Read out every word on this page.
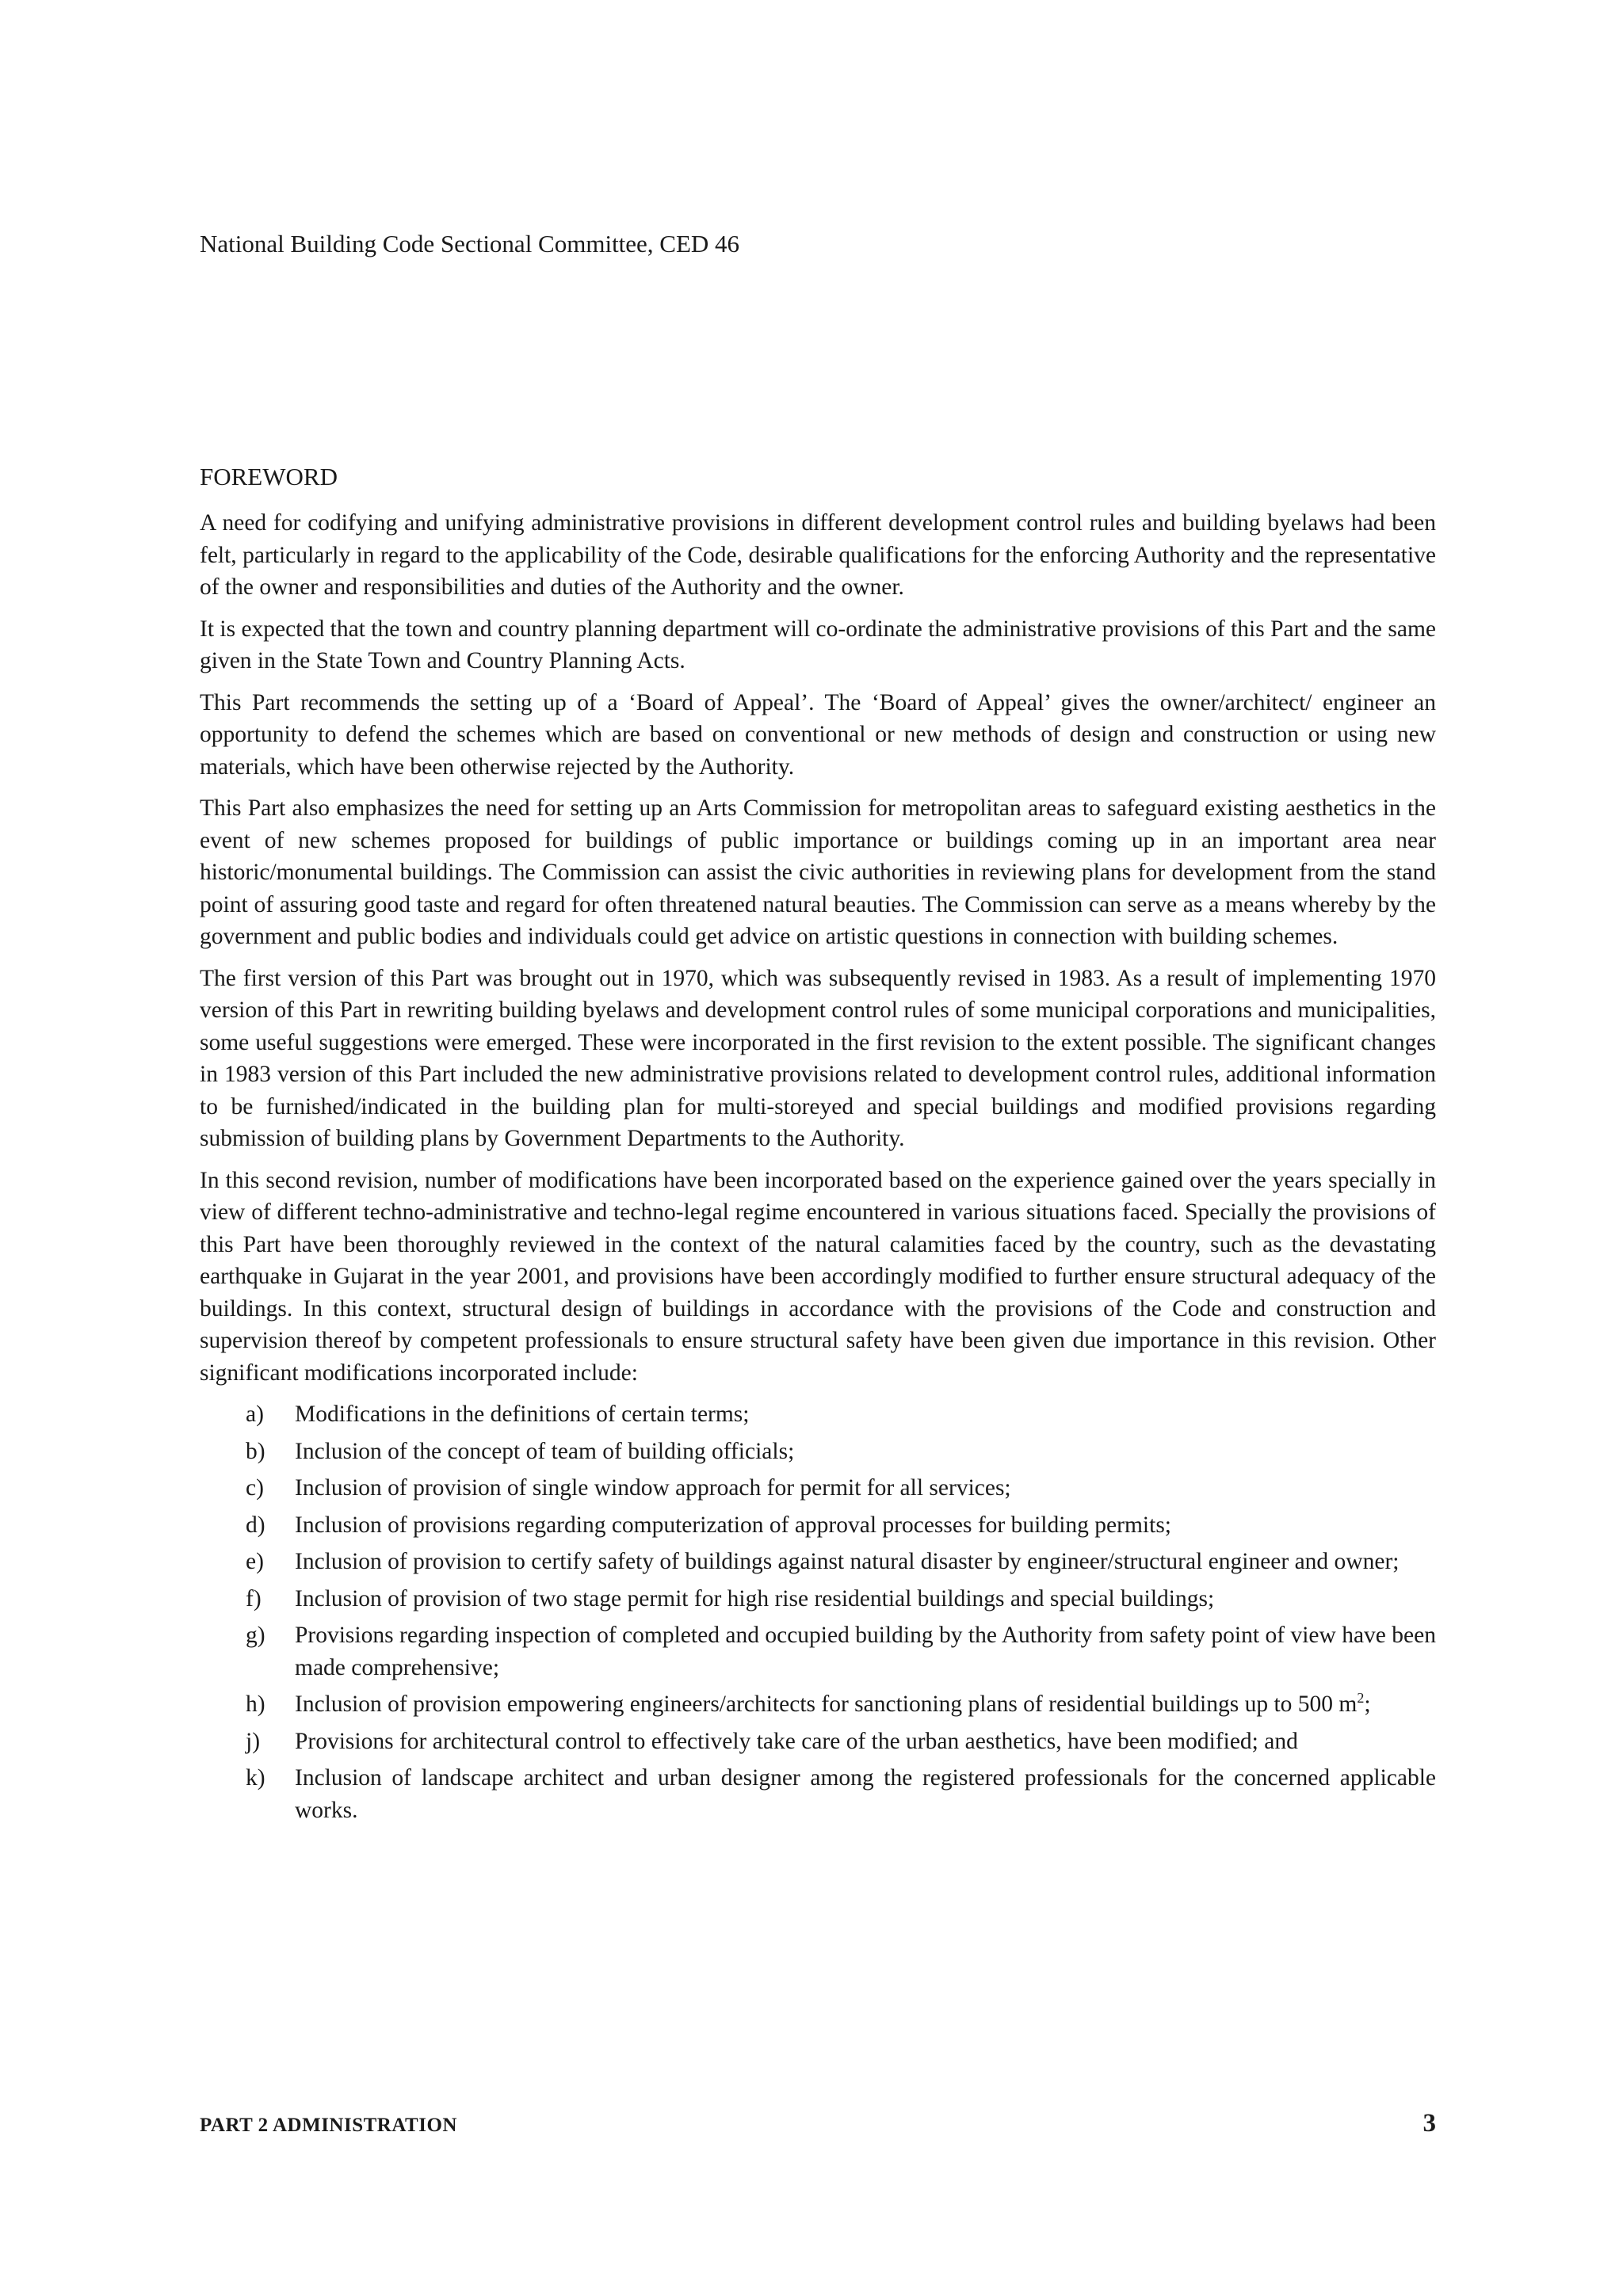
National Building Code Sectional Committee, CED 46

FOREWORD

A need for codifying and unifying administrative provisions in different development control rules and building byelaws had been felt, particularly in regard to the applicability of the Code, desirable qualifications for the enforcing Authority and the representative of the owner and responsibilities and duties of the Authority and the owner.

It is expected that the town and country planning department will co-ordinate the administrative provisions of this Part and the same given in the State Town and Country Planning Acts.

This Part recommends the setting up of a ‘Board of Appeal’. The ‘Board of Appeal’ gives the owner/architect/ engineer an opportunity to defend the schemes which are based on conventional or new methods of design and construction or using new materials, which have been otherwise rejected by the Authority.

This Part also emphasizes the need for setting up an Arts Commission for metropolitan areas to safeguard existing aesthetics in the event of new schemes proposed for buildings of public importance or buildings coming up in an important area near historic/monumental buildings. The Commission can assist the civic authorities in reviewing plans for development from the stand point of assuring good taste and regard for often threatened natural beauties. The Commission can serve as a means whereby by the government and public bodies and individuals could get advice on artistic questions in connection with building schemes.

The first version of this Part was brought out in 1970, which was subsequently revised in 1983. As a result of implementing 1970 version of this Part in rewriting building byelaws and development control rules of some municipal corporations and municipalities, some useful suggestions were emerged. These were incorporated in the first revision to the extent possible. The significant changes in 1983 version of this Part included the new administrative provisions related to development control rules, additional information to be furnished/indicated in the building plan for multi-storeyed and special buildings and modified provisions regarding submission of building plans by Government Departments to the Authority.

In this second revision, number of modifications have been incorporated based on the experience gained over the years specially in view of different techno-administrative and techno-legal regime encountered in various situations faced. Specially the provisions of this Part have been thoroughly reviewed in the context of the natural calamities faced by the country, such as the devastating earthquake in Gujarat in the year 2001, and provisions have been accordingly modified to further ensure structural adequacy of the buildings. In this context, structural design of buildings in accordance with the provisions of the Code and construction and supervision thereof by competent professionals to ensure structural safety have been given due importance in this revision. Other significant modifications incorporated include:

a)	Modifications in the definitions of certain terms;
b)	Inclusion of the concept of team of building officials;
c)	Inclusion of provision of single window approach for permit for all services;
d)	Inclusion of provisions regarding computerization of approval processes for building permits;
e)	Inclusion of provision to certify safety of buildings against natural disaster by engineer/structural engineer and owner;
f)	Inclusion of provision of two stage permit for high rise residential buildings and special buildings;
g)	Provisions regarding inspection of completed and occupied building by the Authority from safety point of view have been made comprehensive;
h)	Inclusion of provision empowering engineers/architects for sanctioning plans of residential buildings up to 500 $m^2$;
j)	Provisions for architectural control to effectively take care of the urban aesthetics, have been modified; and
k)	Inclusion of landscape architect and urban designer among the registered professionals for the concerned applicable works.
PART 2 ADMINISTRATION	3
